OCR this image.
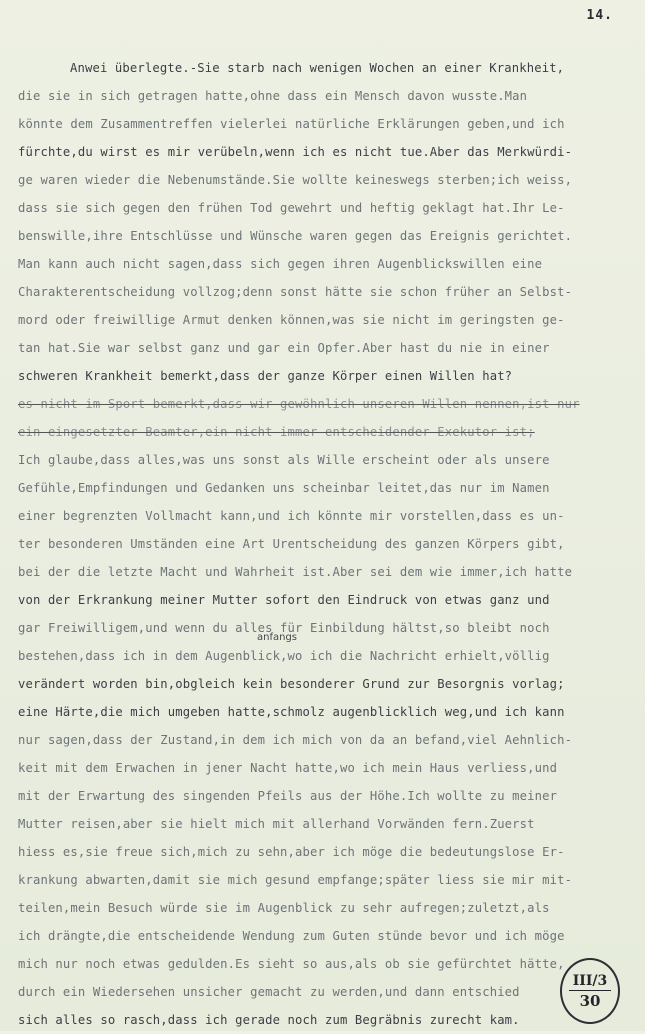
14.
Anwei überlegte.-Sie starb nach wenigen Wochen an einer Krankheit,
die sie in sich getragen hatte,ohne dass ein Mensch davon wusste.Man
könnte dem Zusammentreffen vielerlei natürliche Erklärungen geben,und ich
fürchte,du wirst es mir verübeln,wenn ich es nicht tue.Aber das Merkwürdi-
ge waren wieder die Nebenumstände.Sie wollte keineswegs sterben;ich weiss,
dass sie sich gegen den frühen Tod gewehrt und heftig geklagt hat.Ihr Le-
benswille,ihre Entschlüsse und Wünsche waren gegen das Ereignis gerichtet.
Man kann auch nicht sagen,dass sich gegen ihren Augenblickswillen eine
Charakterentscheidung vollzog;denn sonst hätte sie schon früher an Selbst-
mord oder freiwillige Armut denken können,was sie nicht im geringsten ge-
tan hat.Sie war selbst ganz und gar ein Opfer.Aber hast du nie in einer
schweren Krankheit bemerkt,dass der ganze Körper einen Willen hat?
es nicht im Sport bemerkt,dass wir gewöhnlich unseren Willen nennen,ist nur
ein eingesetzter Beamter,ein nicht immer entscheidender Exekutor ist;
Ich glaube,dass alles,was uns sonst als Wille erscheint oder als unsere
Gefühle,Empfindungen und Gedanken uns scheinbar leitet,das nur im Namen
einer begrenzten Vollmacht kann,und ich könnte mir vorstellen,dass es un-
ter besonderen Umständen eine Art Urentscheidung des ganzen Körpers gibt,
bei der die letzte Macht und Wahrheit ist.Aber sei dem wie immer,ich hatte
von der Erkrankung meiner Mutter sofort den Eindruck von etwas ganz und
gar Freiwilligem,und wenn du alles für Einbildung hältst,so bleibt noch
bestehen,dass ich in dem Augenblick,wo ich die Nachricht erhielt,völlig
verändert worden bin,obgleich kein besonderer Grund zur Besorgnis vorlag;
eine Härte,die mich umgeben hatte,schmolz augenblicklich weg,und ich kann
nur sagen,dass der Zustand,in dem ich mich von da an befand,viel Aehnlich-
keit mit dem Erwachen in jener Nacht hatte,wo ich mein Haus verliess,und
mit der Erwartung des singenden Pfeils aus der Höhe.Ich wollte zu meiner
Mutter reisen,aber sie hielt mich mit allerhand Vorwänden fern.Zuerst
hiess es,sie freue sich,mich zu sehn,aber ich möge die bedeutungslose Er-
krankung abwarten,damit sie mich gesund empfange;später liess sie mir mit-
teilen,mein Besuch würde sie im Augenblick zu sehr aufregen;zuletzt,als
ich drängte,die entscheidende Wendung zum Guten stünde bevor und ich möge
mich nur noch etwas gedulden.Es sieht so aus,als ob sie gefürchtet hätte,
durch ein Wiedersehen unsicher gemacht zu werden,und dann entschied
sich alles so rasch,dass ich gerade noch zum Begräbnis zurecht kam.
anfangs
III/3
30
